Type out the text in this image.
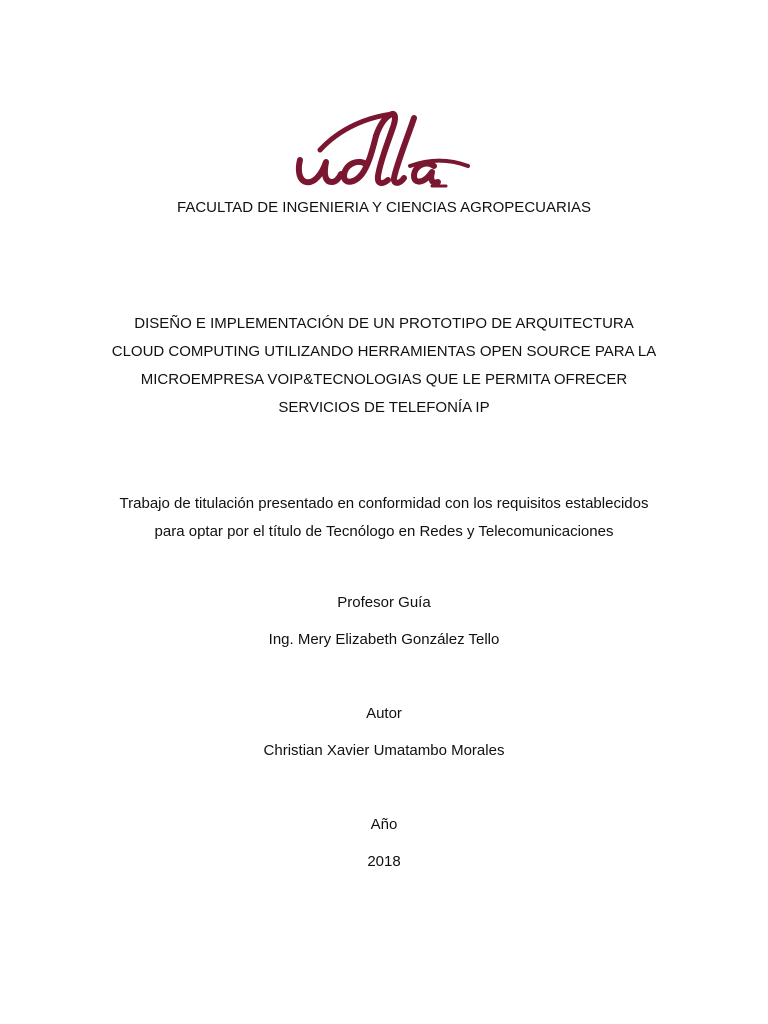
FACULTAD DE INGENIERIA Y CIENCIAS AGROPECUARIAS
DISEÑO E IMPLEMENTACIÓN DE UN PROTOTIPO DE ARQUITECTURA
CLOUD COMPUTING UTILIZANDO HERRAMIENTAS OPEN SOURCE PARA LA
MICROEMPRESA VOIP&TECNOLOGIAS QUE LE PERMITA OFRECER
SERVICIOS DE TELEFONÍA IP
Trabajo de titulación presentado en conformidad con los requisitos establecidos
para optar por el título de Tecnólogo en Redes y Telecomunicaciones
Profesor Guía
Ing. Mery Elizabeth González Tello
Autor
Christian Xavier Umatambo Morales
Año
2018
